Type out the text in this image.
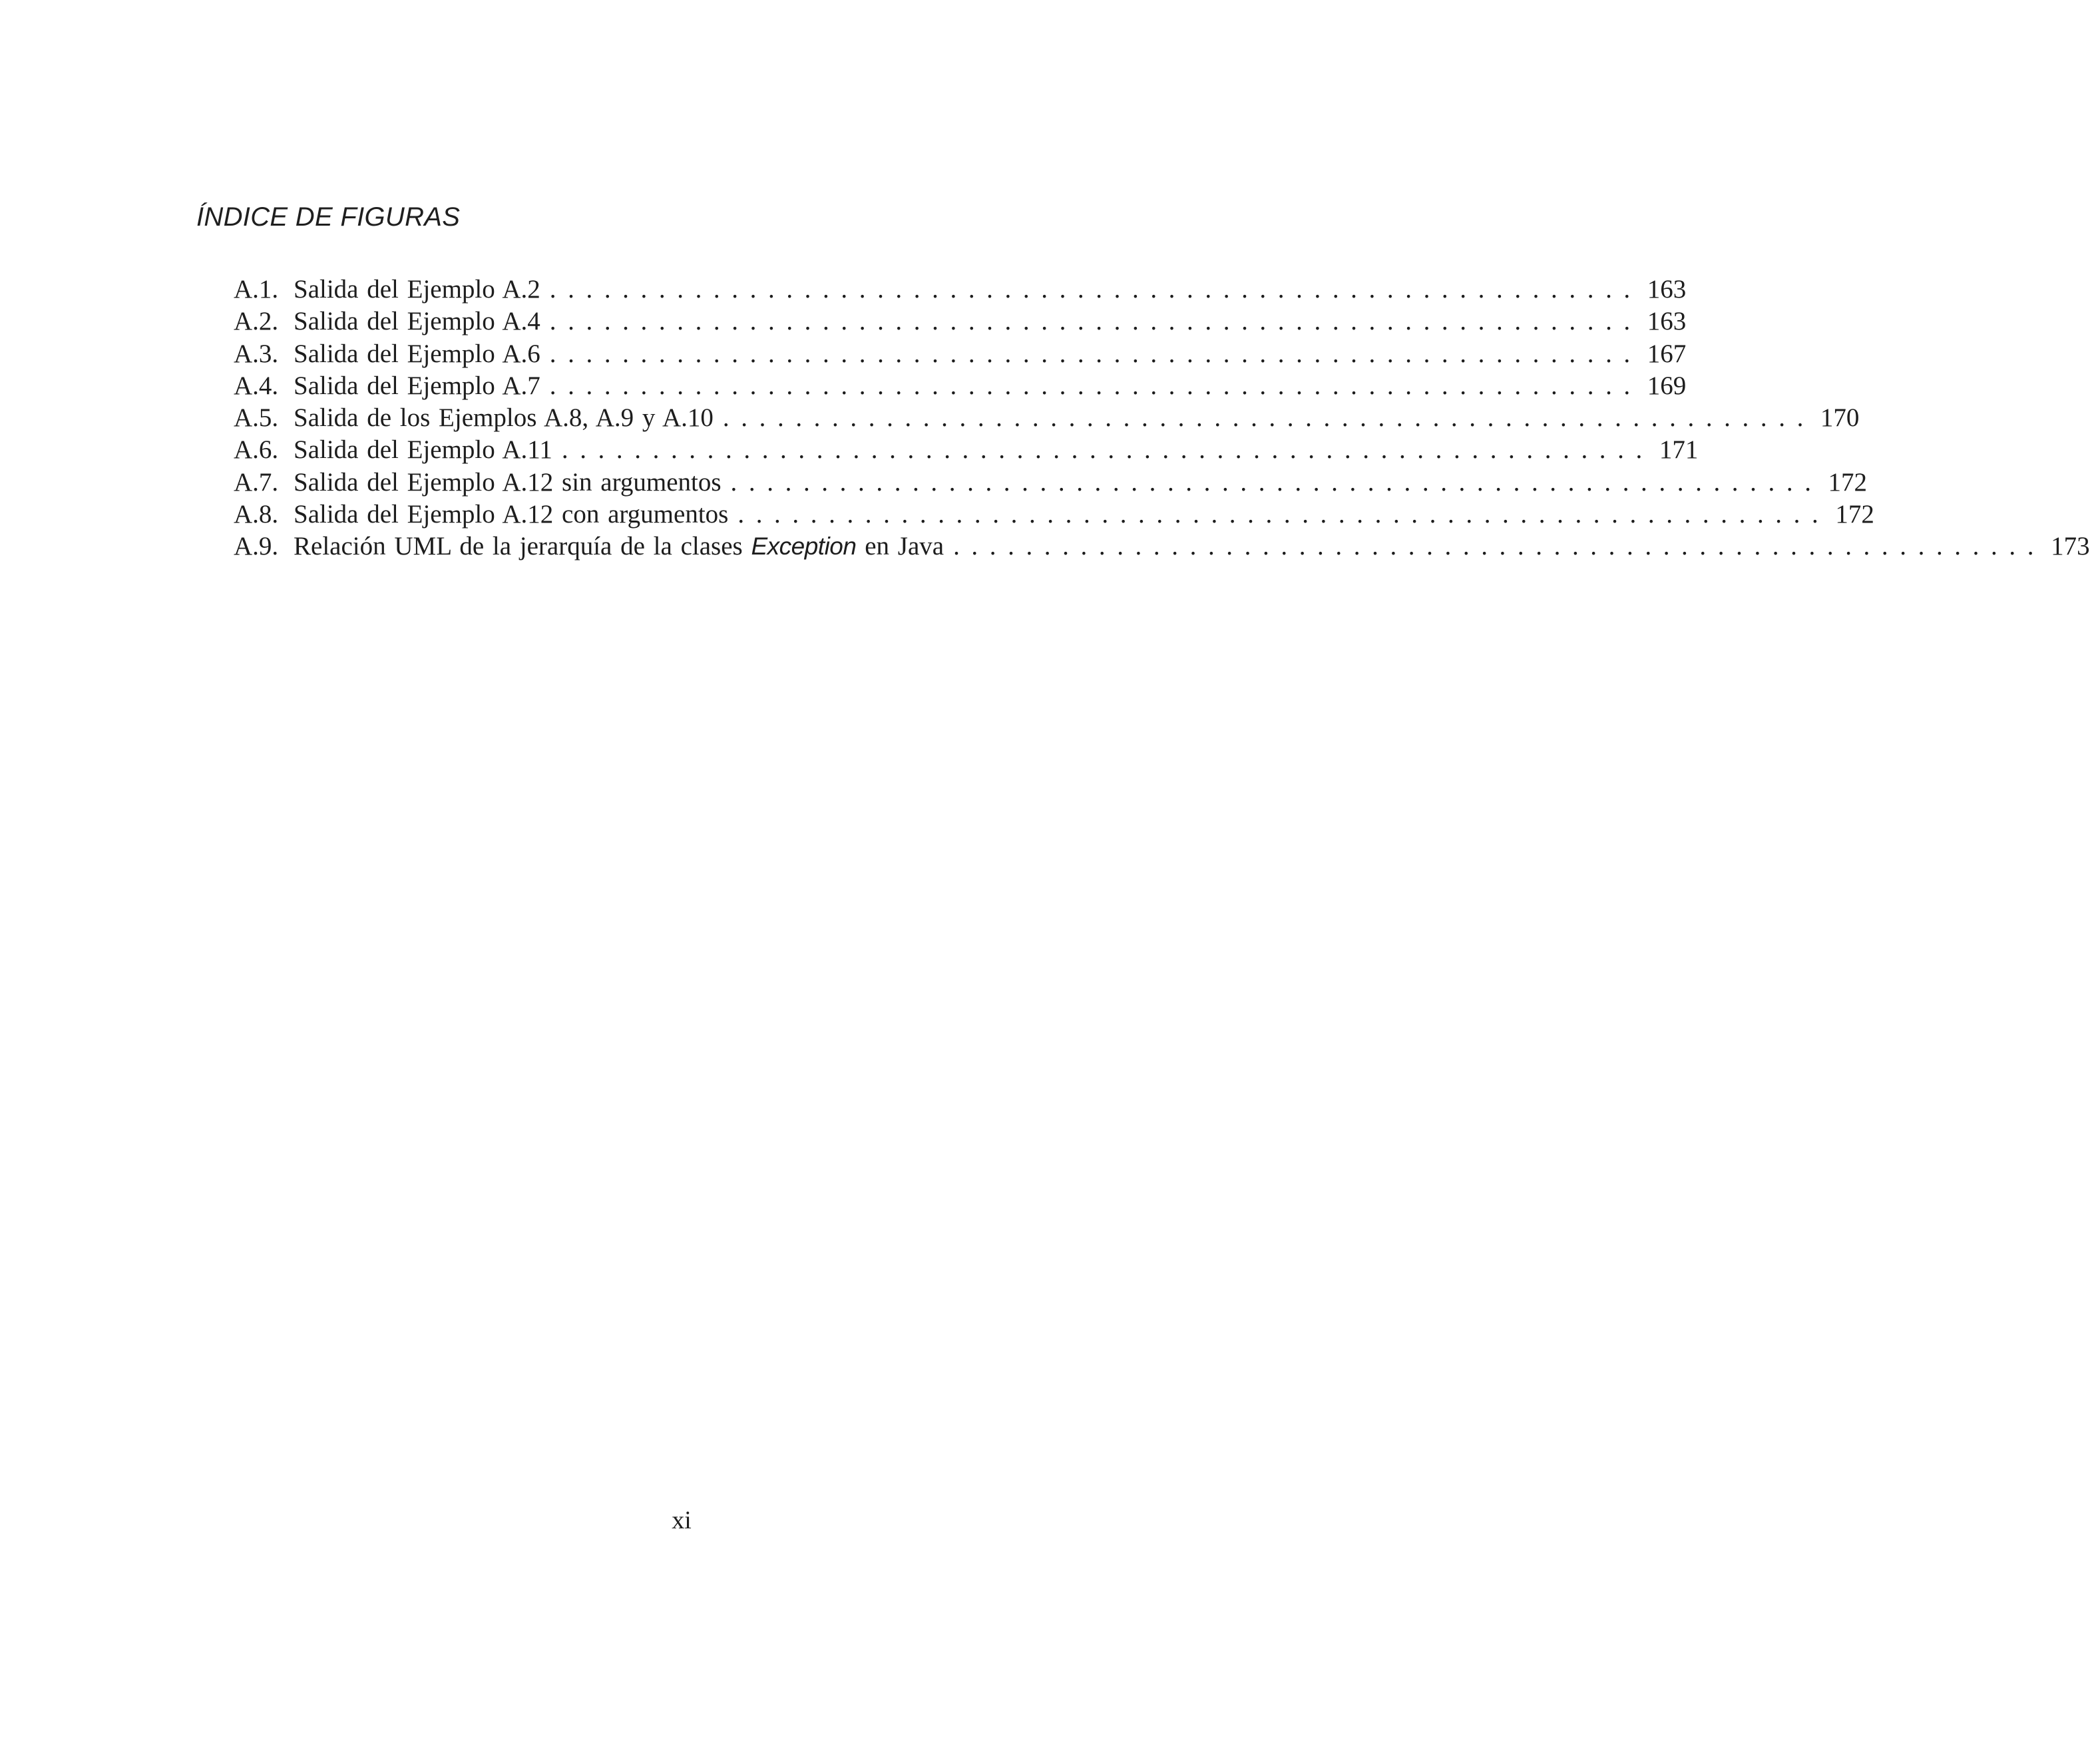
ÍNDICE DE FIGURAS
A.1. Salida del Ejemplo A.2 ............................................................ 163
A.2. Salida del Ejemplo A.4 ............................................................ 163
A.3. Salida del Ejemplo A.6 ............................................................ 167
A.4. Salida del Ejemplo A.7 ............................................................ 169
A.5. Salida de los Ejemplos A.8, A.9 y A.10 ............................................................ 170
A.6. Salida del Ejemplo A.11 ............................................................ 171
A.7. Salida del Ejemplo A.12 sin argumentos ............................................................ 172
A.8. Salida del Ejemplo A.12 con argumentos ............................................................ 172
A.9. Relación UML de la jerarquía de la clases Exception en Java ............................................................ 173
xi
